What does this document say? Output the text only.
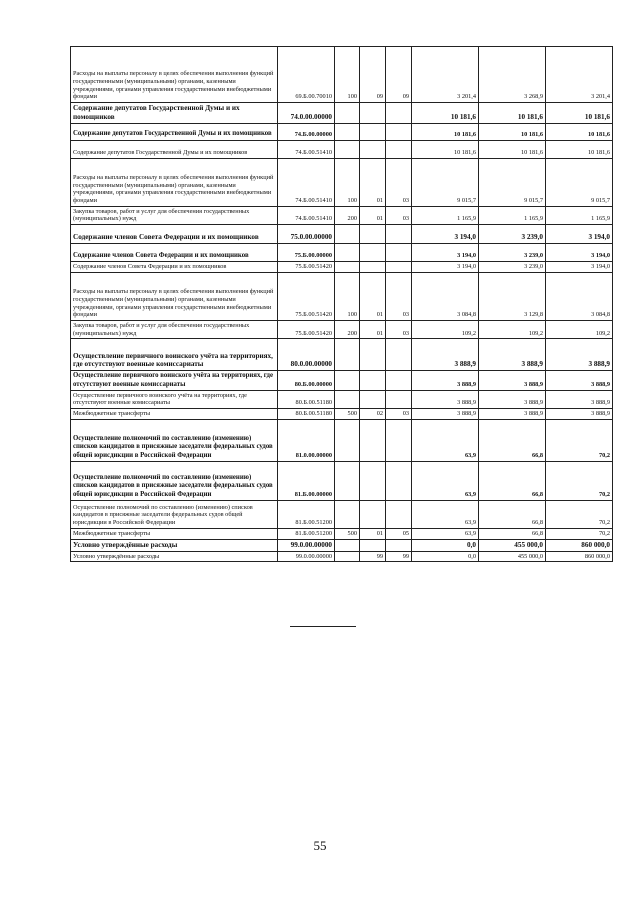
Расходы на выплаты персоналу в целях обеспечения выполнения функций государственными (муниципальными) органами, казенными учреждениями, органами управления государственными внебюджетными фондами	69.Б.00.70010	100	09	09	3 201,4	3 268,9	3 201,4
Содержание депутатов Государственной Думы и их помощников	74.0.00.00000				10 181,6	10 181,6	10 181,6
Содержание депутатов Государственной Думы и их помощников	74.Б.00.00000				10 181,6	10 181,6	10 181,6
Содержание депутатов Государственной Думы и их помощников	74.Б.00.51410				10 181,6	10 181,6	10 181,6
Расходы на выплаты персоналу в целях обеспечения выполнения функций государственными (муниципальными) органами, казенными учреждениями, органами управления государственными внебюджетными фондами	74.Б.00.51410	100	01	03	9 015,7	9 015,7	9 015,7
Закупка товаров, работ и услуг для обеспечения государственных (муниципальных) нужд	74.Б.00.51410	200	01	03	1 165,9	1 165,9	1 165,9
Содержание членов Совета Федерации и их помощников	75.0.00.00000				3 194,0	3 239,0	3 194,0
Содержание членов Совета Федерации и их помощников	75.Б.00.00000				3 194,0	3 239,0	3 194,0
Содержание членов Совета Федерации и их помощников	75.Б.00.51420				3 194,0	3 239,0	3 194,0
Расходы на выплаты персоналу в целях обеспечения выполнения функций государственными (муниципальными) органами, казенными учреждениями, органами управления государственными внебюджетными фондами	75.Б.00.51420	100	01	03	3 084,8	3 129,8	3 084,8
Закупка товаров, работ и услуг для обеспечения государственных (муниципальных) нужд	75.Б.00.51420	200	01	03	109,2	109,2	109,2
Осуществление первичного воинского учёта на территориях, где отсутствуют военные комиссариаты	80.0.00.00000				3 888,9	3 888,9	3 888,9
Осуществление первичного воинского учёта на территориях, где отсутствуют военные комиссариаты	80.Б.00.00000				3 888,9	3 888,9	3 888,9
Осуществление первичного воинского учёта на территориях, где отсутствуют военные комиссариаты	80.Б.00.51180				3 888,9	3 888,9	3 888,9
Межбюджетные трансферты	80.Б.00.51180	500	02	03	3 888,9	3 888,9	3 888,9
Осуществление полномочий по составлению (изменению) списков кандидатов в присяжные заседатели федеральных судов общей юрисдикции в Российской Федерации	81.0.00.00000				63,9	66,8	70,2
Осуществление полномочий по составлению (изменению) списков кандидатов в присяжные заседатели федеральных судов общей юрисдикции в Российской Федерации	81.Б.00.00000				63,9	66,8	70,2
Осуществление полномочий по составлению (изменению) списков кандидатов в присяжные заседатели федеральных судов общей юрисдикции в Российской Федерации	81.Б.00.51200				63,9	66,8	70,2
Межбюджетные трансферты	81.Б.00.51200	500	01	05	63,9	66,8	70,2
Условно утверждённые расходы	99.0.00.00000				0,0	455 000,0	860 000,0
Условно утверждённые расходы	99.0.00.00000		99	99	0,0	455 000,0	860 000,0
55
